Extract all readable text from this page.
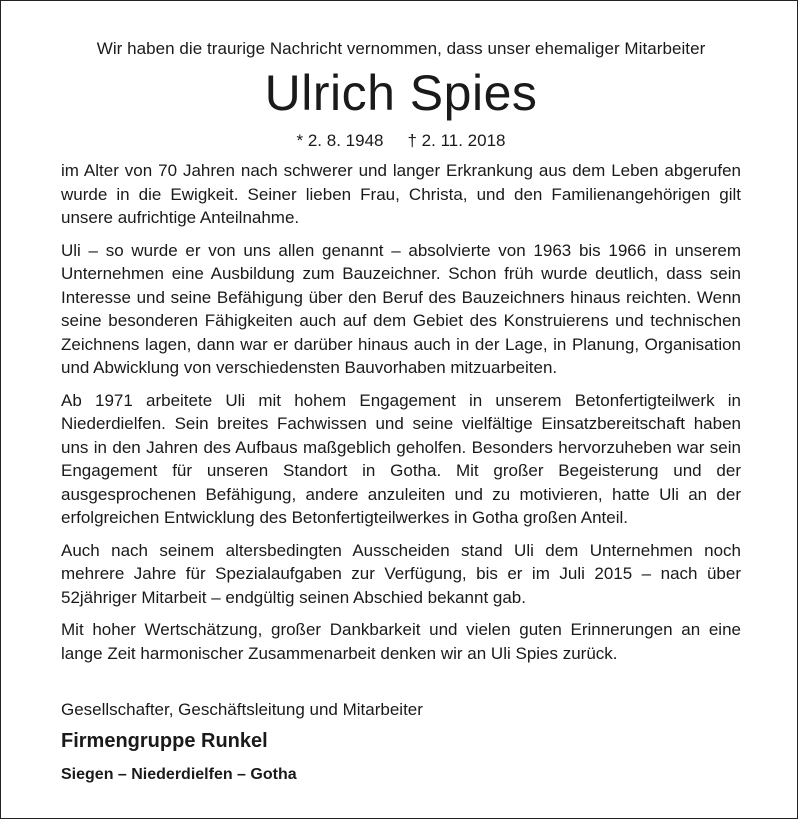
Wir haben die traurige Nachricht vernommen, dass unser ehemaliger Mitarbeiter

Ulrich Spies

* 2. 8. 1948 † 2. 11. 2018

im Alter von 70 Jahren nach schwerer und langer Erkrankung aus dem Leben abgerufen wurde in die Ewigkeit. Seiner lieben Frau, Christa, und den Familienangehörigen gilt unsere aufrichtige Anteilnahme.

Uli – so wurde er von uns allen genannt – absolvierte von 1963 bis 1966 in unserem Unternehmen eine Ausbildung zum Bauzeichner. Schon früh wurde deutlich, dass sein Interesse und seine Befähigung über den Beruf des Bauzeichners hinaus reichten. Wenn seine besonderen Fähigkeiten auch auf dem Gebiet des Konstruierens und technischen Zeichnens lagen, dann war er darüber hinaus auch in der Lage, in Planung, Organisation und Abwicklung von verschiedensten Bauvorhaben mitzuarbeiten.

Ab 1971 arbeitete Uli mit hohem Engagement in unserem Betonfertigteilwerk in Niederdielfen. Sein breites Fachwissen und seine vielfältige Einsatzbereitschaft haben uns in den Jahren des Aufbaus maßgeblich geholfen. Besonders hervorzuheben war sein Engagement für unseren Standort in Gotha. Mit großer Begeisterung und der ausgesprochenen Befähigung, andere anzuleiten und zu motivieren, hatte Uli an der erfolgreichen Entwicklung des Betonfertigteilwerkes in Gotha großen Anteil.

Auch nach seinem altersbedingten Ausscheiden stand Uli dem Unternehmen noch mehrere Jahre für Spezialaufgaben zur Verfügung, bis er im Juli 2015 – nach über 52jähriger Mitarbeit – endgültig seinen Abschied bekannt gab.

Mit hoher Wertschätzung, großer Dankbarkeit und vielen guten Erinnerungen an eine lange Zeit harmonischer Zusammenarbeit denken wir an Uli Spies zurück.

Gesellschafter, Geschäftsleitung und Mitarbeiter

Firmengruppe Runkel

Siegen – Niederdielfen – Gotha
